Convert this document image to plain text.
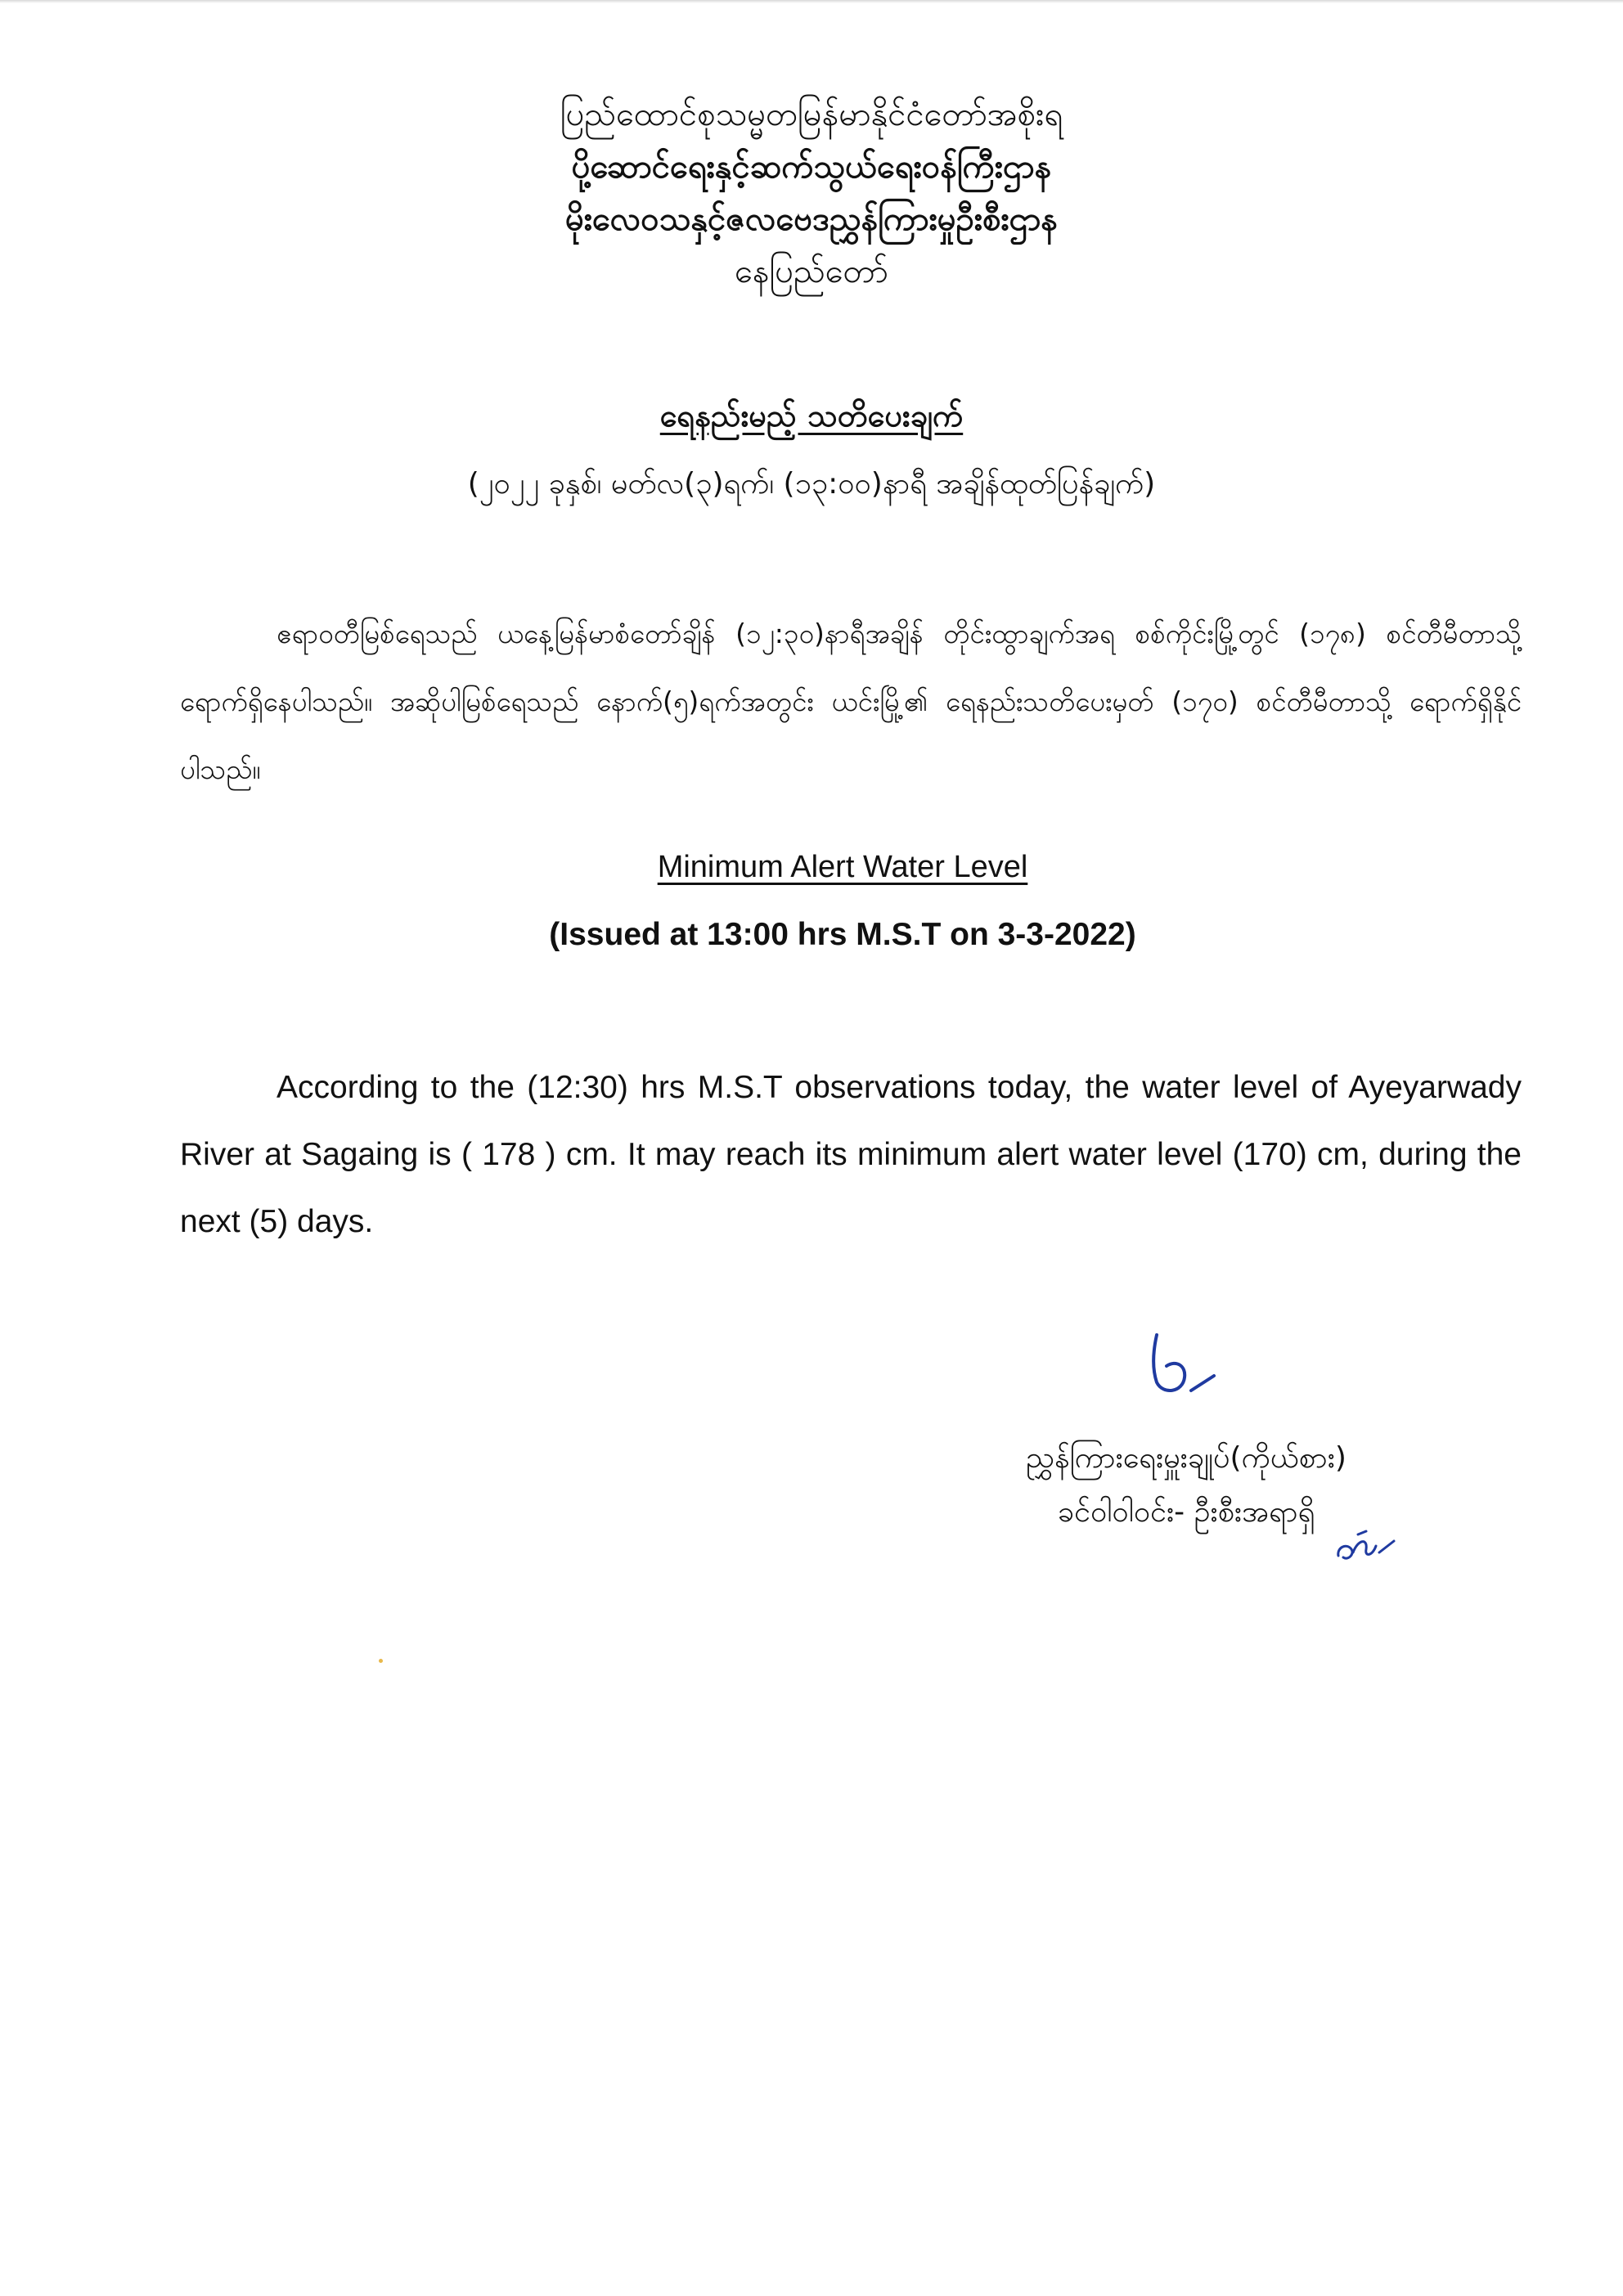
ပြည်ထောင်စုသမ္မတမြန်မာနိုင်ငံတော်အစိုးရ
ပို့ဆောင်ရေးနှင့်ဆက်သွယ်ရေးဝန်ကြီးဌာန
မိုးလေဝသနှင့်ဇလဗေဒညွှန်ကြားမှုဦးစီးဌာန
နေပြည်တော်
ရေနည်းမည့် သတိပေးချက်
(၂၀၂၂ ခုနှစ်၊ မတ်လ(၃)ရက်၊ (၁၃:၀၀)နာရီ အချိန်ထုတ်ပြန်ချက်)

ဧရာဝတီမြစ်ရေသည် ယနေ့မြန်မာစံတော်ချိန် (၁၂:၃၀)နာရီအချိန် တိုင်းထွာချက်အရ စစ်ကိုင်းမြို့တွင် (၁၇၈) စင်တီမီတာသို့ ရောက်ရှိနေပါသည်။ အဆိုပါမြစ်ရေသည် နောက်(၅)ရက်အတွင်း ယင်းမြို့၏ ရေနည်းသတိပေးမှတ် (၁၇၀) စင်တီမီတာသို့ ရောက်ရှိနိုင်ပါသည်။

Minimum Alert Water Level
(Issued at 13:00 hrs M.S.T on 3-3-2022)

According to the (12:30) hrs M.S.T observations today, the water level of Ayeyarwady River at Sagaing is ( 178 ) cm. It may reach its minimum alert water level (170) cm, during the next (5) days.

ညွှန်ကြားရေးမှူးချုပ်(ကိုယ်စား)
ခင်ဝါဝါဝင်း- ဦးစီးအရာရှိ
